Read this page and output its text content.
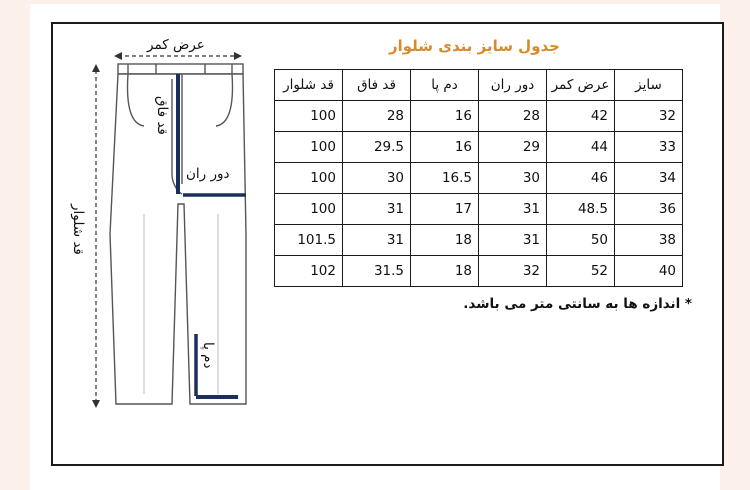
جدول سایز بندی شلوار
سایز	عرض کمر	دور ران	دم پا	قد فاق	قد شلوار
32	42	28	16	28	100
33	44	29	16	29.5	100
34	46	30	16.5	30	100
36	48.5	31	17	31	100
38	50	31	18	31	101.5
40	52	32	18	31.5	102
* اندازه ها به سانتی متر می باشد.
عرض کمر
دور ران
قد فاق
قد شلوار
دم پا
